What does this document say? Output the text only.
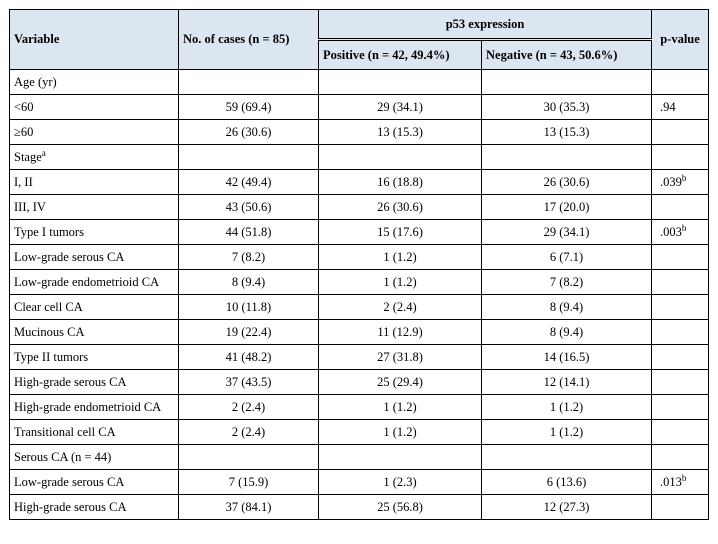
Variable	No. of cases (n = 85)	p53 expression		p-value
		Positive (n = 42, 49.4%)	Negative (n = 43, 50.6%)	
Age (yr)				
<60	59 (69.4)	29 (34.1)	30 (35.3)	.94
≥60	26 (30.6)	13 (15.3)	13 (15.3)	
Stage$^a$				
I, II	42 (49.4)	16 (18.8)	26 (30.6)	.039$^b$
III, IV	43 (50.6)	26 (30.6)	17 (20.0)	
Type I tumors	44 (51.8)	15 (17.6)	29 (34.1)	.003$^b$
Low-grade serous CA	7 (8.2)	1 (1.2)	6 (7.1)	
Low-grade endometrioid CA	8 (9.4)	1 (1.2)	7 (8.2)	
Clear cell CA	10 (11.8)	2 (2.4)	8 (9.4)	
Mucinous CA	19 (22.4)	11 (12.9)	8 (9.4)	
Type II tumors	41 (48.2)	27 (31.8)	14 (16.5)	
High-grade serous CA	37 (43.5)	25 (29.4)	12 (14.1)	
High-grade endometrioid CA	2 (2.4)	1 (1.2)	1 (1.2)	
Transitional cell CA	2 (2.4)	1 (1.2)	1 (1.2)	
Serous CA (n = 44)				
Low-grade serous CA	7 (15.9)	1 (2.3)	6 (13.6)	.013$^b$
High-grade serous CA	37 (84.1)	25 (56.8)	12 (27.3)	
